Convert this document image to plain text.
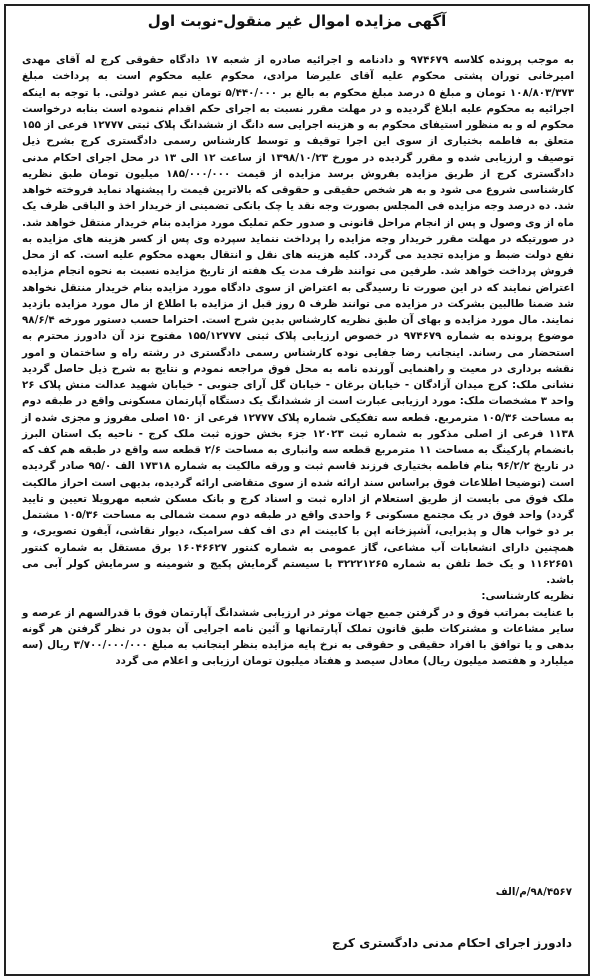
آگهی مزایده اموال غیر منقول-نوبت اول

به موجب پرونده کلاسه ۹۷۴۶۷۹ و دادنامه و اجرائیه صادره از شعبه ۱۷ دادگاه حقوقی کرج له آقای مهدی امیرخانی توران پشتی محکوم علیه آقای علیرضا مرادی، محکوم علیه محکوم است به پرداخت مبلغ ۱۰۸/۸۰۳/۳۷۳ تومان و مبلغ ۵ درصد مبلغ محکوم به بالغ بر ۵/۴۴۰/۰۰۰ تومان نیم عشر دولتی. با توجه به اینکه اجرائیه به محکوم علیه ابلاغ گردیده و در مهلت مقرر نسبت به اجرای حکم اقدام ننموده است بنابه درخواست محکوم له و به منظور استیفای محکوم به و هزینه اجرایی سه دانگ از ششدانگ پلاک ثبتی ۱۲۷۷۷ فرعی از ۱۵۵ متعلق به فاطمه بختیاری از سوی این اجرا توقیف و توسط کارشناس رسمی دادگستری کرج بشرح ذیل توصیف و ارزیابی شده و مقرر گردیده در مورخ ۱۳۹۸/۱۰/۲۳ از ساعت ۱۲ الی ۱۳ در محل اجرای احکام مدنی دادگستری کرج از طریق مزایده بفروش برسد مزایده از قیمت ۱۸۵/۰۰۰/۰۰۰ میلیون تومان طبق نظریه کارشناسی شروع می شود و به هر شخص حقیقی و حقوقی که بالاترین قیمت را پیشنهاد نماید فروخته خواهد شد. ده درصد وجه مزایده فی المجلس بصورت وجه نقد یا چک بانکی تضمینی از خریدار اخذ و الباقی ظرف یک ماه از وی وصول و پس از انجام مراحل قانونی و صدور حکم تملیک مورد مزایده بنام خریدار منتقل خواهد شد. در صورتیکه در مهلت مقرر خریدار وجه مزایده را پرداخت ننماید سپرده وی پس از کسر هزینه های مزایده به نفع دولت ضبط و مزایده تجدید می گردد. کلیه هزینه های نقل و انتقال بعهده محکوم علیه است. که از محل فروش پرداخت خواهد شد. طرفین می توانند ظرف مدت یک هفته از تاریخ مزایده نسبت به نحوه انجام مزایده اعتراض نمایند که در این صورت تا رسیدگی به اعتراض از سوی دادگاه مورد مزایده بنام خریدار منتقل نخواهد شد ضمنا طالبین بشرکت در مزایده می توانند ظرف ۵ روز قبل از مزایده با اطلاع از مال مورد مزایده بازدید نمایند. مال مورد مزایده و بهای آن طبق نظریه کارشناس بدین شرح است. احتراما حسب دستور مورخه ۹۸/۶/۴ موضوع پرونده به شماره ۹۷۴۶۷۹ در خصوص ارزیابی پلاک ثبتی ۱۵۵/۱۲۷۷۷ مفتوح نزد آن دادورز محترم به استحضار می رساند. اینجانب رضا جفایی نوده کارشناس رسمی دادگستری در رشته راه و ساختمان و امور نقشه برداری در معیت و راهنمایی آورنده نامه به محل فوق مراجعه نمودم و نتایج به شرح ذیل حاصل گردید نشانی ملک: کرج میدان آزادگان - خیابان برغان - خیابان گل آرای جنوبی - خیابان شهید عدالت منش پلاک ۲۶ واحد ۳ مشخصات ملک: مورد ارزیابی عبارت است از ششدانگ یک دستگاه آپارتمان مسکونی واقع در طبقه دوم به مساحت ۱۰۵/۳۶ مترمربع. قطعه سه تفکیکی شماره پلاک ۱۲۷۷۷ فرعی از ۱۵۰ اصلی مفروز و مجزی شده از ۱۱۳۸ فرعی از اصلی مذکور به شماره ثبت ۱۲۰۲۳ جزء بخش حوزه ثبت ملک کرج - ناحیه یک استان البرز بانضمام پارکینگ به مساحت ۱۱ مترمربع قطعه سه وانباری به مساحت ۲/۶ قطعه سه واقع در طبقه هم کف که در تاریخ ۹۶/۲/۲ بنام فاطمه بختیاری فرزند قاسم ثبت و ورقه مالکیت به شماره ۱۷۳۱۸ الف ۹۵/۰ صادر گردیده است (توضیحا اطلاعات فوق براساس سند ارائه شده از سوی متقاضی ارائه گردیده، بدیهی است احراز مالکیت ملک فوق می بایست از طریق استعلام از اداره ثبت و اسناد کرج و بانک مسکن شعبه مهرویلا تعیین و تایید گردد) واحد فوق در یک مجتمع مسکونی ۶ واحدی واقع در طبقه دوم سمت شمالی به مساحت ۱۰۵/۳۶ مشتمل بر دو خواب هال و پذیرایی، آشپزخانه اپن با کابینت ام دی اف کف سرامیک، دیوار نقاشی، آیفون تصویری، و همچنین دارای انشعابات آب مشاعی، گاز عمومی به شماره کنتور ۱۶۰۴۶۶۲۷ برق مستقل به شماره کنتور ۱۱۶۲۶۵۱ و یک خط تلفن به شماره ۳۲۲۲۱۲۶۵ با سیستم گرمایش پکیج و شومینه و سرمایش کولر آبی می باشد.

نظریه کارشناسی:

با عنایت بمراتب فوق و در گرفتن جمیع جهات موثر در ارزیابی ششدانگ آپارتمان فوق با قدرالسهم از عرصه و سایر مشاعات و مشترکات طبق قانون تملک آپارتمانها و آئین نامه اجرایی آن بدون در نظر گرفتن هر گونه بدهی و یا توافق با افراد حقیقی و حقوقی به نرخ پایه مزایده بنظر اینجانب به مبلغ ۳/۷۰۰/۰۰۰/۰۰۰ ریال (سه میلیارد و هفتصد میلیون ریال) معادل سیصد و هفتاد میلیون تومان ارزیابی و اعلام می گردد

۹۸/۴۵۶۷/م/الف
دادورز اجرای احکام مدنی دادگستری کرج
